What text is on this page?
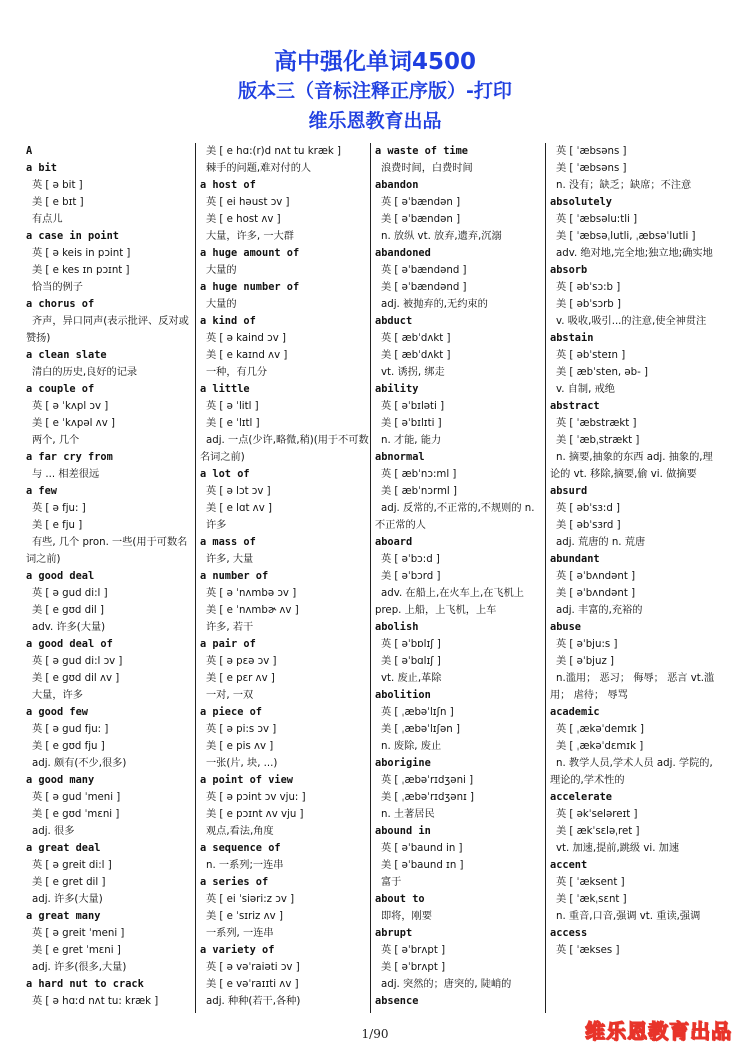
高中强化单词4500
版本三（音标注释正序版）-打印
维乐恩教育出品
A
a bit
英 [ ə bit ]
美 [ e bɪt ]
有点儿
a case in point
英 [ ə keis in pɔint ]
美 [ e kes ɪn pɔɪnt ]
恰当的例子
a chorus of
齐声，异口同声(表示批评、反对或赞扬)
a clean slate
清白的历史,良好的记录
a couple of
英 [ ə ˈkʌpl ɔv ]
美 [ e ˈkʌpəl ʌv ]
两个, 几个
a far cry from
与 ... 相差很远
a few
英 [ ə fju: ]
美 [ e fju ]
有些, 几个 pron. 一些(用于可数名词之前)
a good deal
英 [ ə gud di:l ]
美 [ e gʊd dil ]
adv. 许多(大量)
a good deal of
英 [ ə gud di:l ɔv ]
美 [ e gʊd dil ʌv ]
大量，许多
a good few
英 [ ə gud fju: ]
美 [ e gʊd fju ]
adj. 颇有(不少,很多)
a good many
英 [ ə gud ˈmeni ]
美 [ e gʊd ˈmɛni ]
adj. 很多
a great deal
英 [ ə greit di:l ]
美 [ e gret dil ]
adj. 许多(大量)
a great many
英 [ ə greit ˈmeni ]
美 [ e gret ˈmɛni ]
adj. 许多(很多,大量)
a hard nut to crack
英 [ ə hɑːd nʌt tu: kræk ]
美 [ e hɑ:(r)d nʌt tu kræk ]
棘手的问题,难对付的人
a host of
英 [ ei həust ɔv ]
美 [ e host ʌv ]
大量，许多, 一大群
a huge amount of
大量的
a huge number of
大量的
a kind of
英 [ ə kaind ɔv ]
美 [ e kaɪnd ʌv ]
一种，有几分
a little
英 [ ə ˈlitl ]
美 [ e ˈlɪtl ]
adj. 一点(少许,略微,稍)(用于不可数名词之前)
a lot of
英 [ ə lɔt ɔv ]
美 [ e lɑt ʌv ]
许多
a mass of
许多, 大量
a number of
英 [ ə ˈnʌmbə ɔv ]
美 [ e ˈnʌmbɚ ʌv ]
许多, 若干
a pair of
英 [ ə pɛə ɔv ]
美 [ e pɛr ʌv ]
一对, 一双
a piece of
英 [ ə pi:s ɔv ]
美 [ e pis ʌv ]
一张(片, 块, ...)
a point of view
英 [ ə pɔint ɔv vju: ]
美 [ e pɔɪnt ʌv vju ]
观点,看法,角度
a sequence of
n. 一系列;一连串
a series of
英 [ ei ˈsiəri:z ɔv ]
美 [ e ˈsɪriz ʌv ]
一系列, 一连串
a variety of
英 [ ə vəˈraiəti ɔv ]
美 [ e vəˈraɪɪti ʌv ]
adj. 种种(若干,各种)
a waste of time
浪费时间，白费时间
abandon
英 [ əˈbændən ]
美 [ əˈbændən ]
n. 放纵 vt. 放弃,遗弃,沉溺
abandoned
英 [ əˈbændənd ]
美 [ əˈbændənd ]
adj. 被抛弃的,无约束的
abduct
英 [ æbˈdʌkt ]
美 [ æbˈdʌkt ]
vt. 诱拐, 绑走
ability
英 [ əˈbɪləti ]
美 [ əˈbɪlɪti ]
n. 才能, 能力
abnormal
英 [ æbˈnɔ:ml ]
美 [ æbˈnɔrml ]
adj. 反常的,不正常的,不规则的 n. 不正常的人
aboard
英 [ əˈbɔ:d ]
美 [ əˈbɔrd ]
adv. 在船上,在火车上,在飞机上 prep. 上船，上飞机，上车
abolish
英 [ əˈbɒlɪʃ ]
美 [ əˈbɑlɪʃ ]
vt. 废止,革除
abolition
英 [ ˌæbəˈlɪʃn ]
美 [ ˌæbəˈlɪʃən ]
n. 废除, 废止
aborigine
英 [ ˌæbəˈrɪdʒəni ]
美 [ ˌæbəˈrɪdʒənɪ ]
n. 土著居民
abound in
英 [ əˈbaund in ]
美 [ əˈbaund ɪn ]
富于
about to
即将，刚要
abrupt
英 [ əˈbrʌpt ]
美 [ əˈbrʌpt ]
adj. 突然的；唐突的, 陡峭的
absence
英 [ ˈæbsəns ]
美 [ ˈæbsəns ]
n. 没有；缺乏；缺席；不注意
absolutely
英 [ ˈæbsəlu:tli ]
美 [ ˈæbsəˌlutli, ˌæbsəˈlutli ]
adv. 绝对地,完全地;独立地;确实地
absorb
英 [ əbˈsɔ:b ]
美 [ əbˈsɔrb ]
v. 吸收,吸引...的注意,使全神贯注
abstain
英 [ əbˈsteɪn ]
美 [ æbˈsten, əb- ]
v. 自制, 戒绝
abstract
英 [ ˈæbstrækt ]
美 [ ˈæbˌstrækt ]
n. 摘要,抽象的东西 adj. 抽象的,理论的 vt. 移除,摘要,偷 vi. 做摘要
absurd
英 [ əbˈsɜ:d ]
美 [ əbˈsɜrd ]
adj. 荒唐的 n. 荒唐
abundant
英 [ əˈbʌndənt ]
美 [ əˈbʌndənt ]
adj. 丰富的,充裕的
abuse
英 [ əˈbju:s ]
美 [ əˈbjuz ]
n.滥用； 恶习； 侮辱； 恶言 vt.滥用； 虐待； 辱骂
academic
英 [ ˌækəˈdemɪk ]
美 [ ˌækəˈdɛmɪk ]
n. 教学人员,学术人员 adj. 学院的,理论的,学术性的
accelerate
英 [ əkˈseləreɪt ]
美 [ ækˈsɛləˌret ]
vt. 加速,提前,跳级 vi. 加速
accent
英 [ ˈæksent ]
美 [ ˈækˌsɛnt ]
n. 重音,口音,强调 vt. 重读,强调
access
英 [ ˈækses ]
1/90	维乐恩教育出品
